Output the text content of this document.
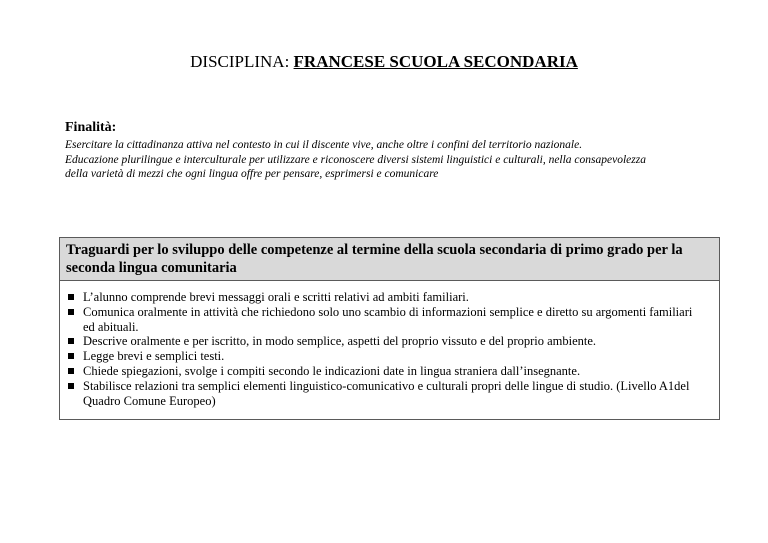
DISCIPLINA: FRANCESE SCUOLA SECONDARIA
Finalità:
Esercitare la cittadinanza attiva nel contesto in cui il discente vive, anche oltre i confini del territorio nazionale.
Educazione plurilingue e interculturale per utilizzare e riconoscere diversi sistemi linguistici e culturali, nella consapevolezza
della varietà di mezzi che ogni lingua offre per pensare, esprimersi e comunicare
Traguardi per lo sviluppo delle competenze al termine della scuola secondaria di primo grado per la
seconda lingua comunitaria
L’alunno comprende brevi messaggi orali e scritti relativi ad ambiti familiari.
Comunica oralmente in attività che richiedono solo uno scambio di informazioni semplice e diretto su argomenti familiari
ed abituali.
Descrive oralmente e per iscritto, in modo semplice, aspetti del proprio vissuto e del proprio ambiente.
Legge brevi e semplici testi.
Chiede spiegazioni, svolge i compiti secondo le indicazioni date in lingua straniera dall’insegnante.
Stabilisce relazioni tra semplici elementi linguistico-comunicativo e culturali propri delle lingue di studio. (Livello A1del
Quadro Comune Europeo)
